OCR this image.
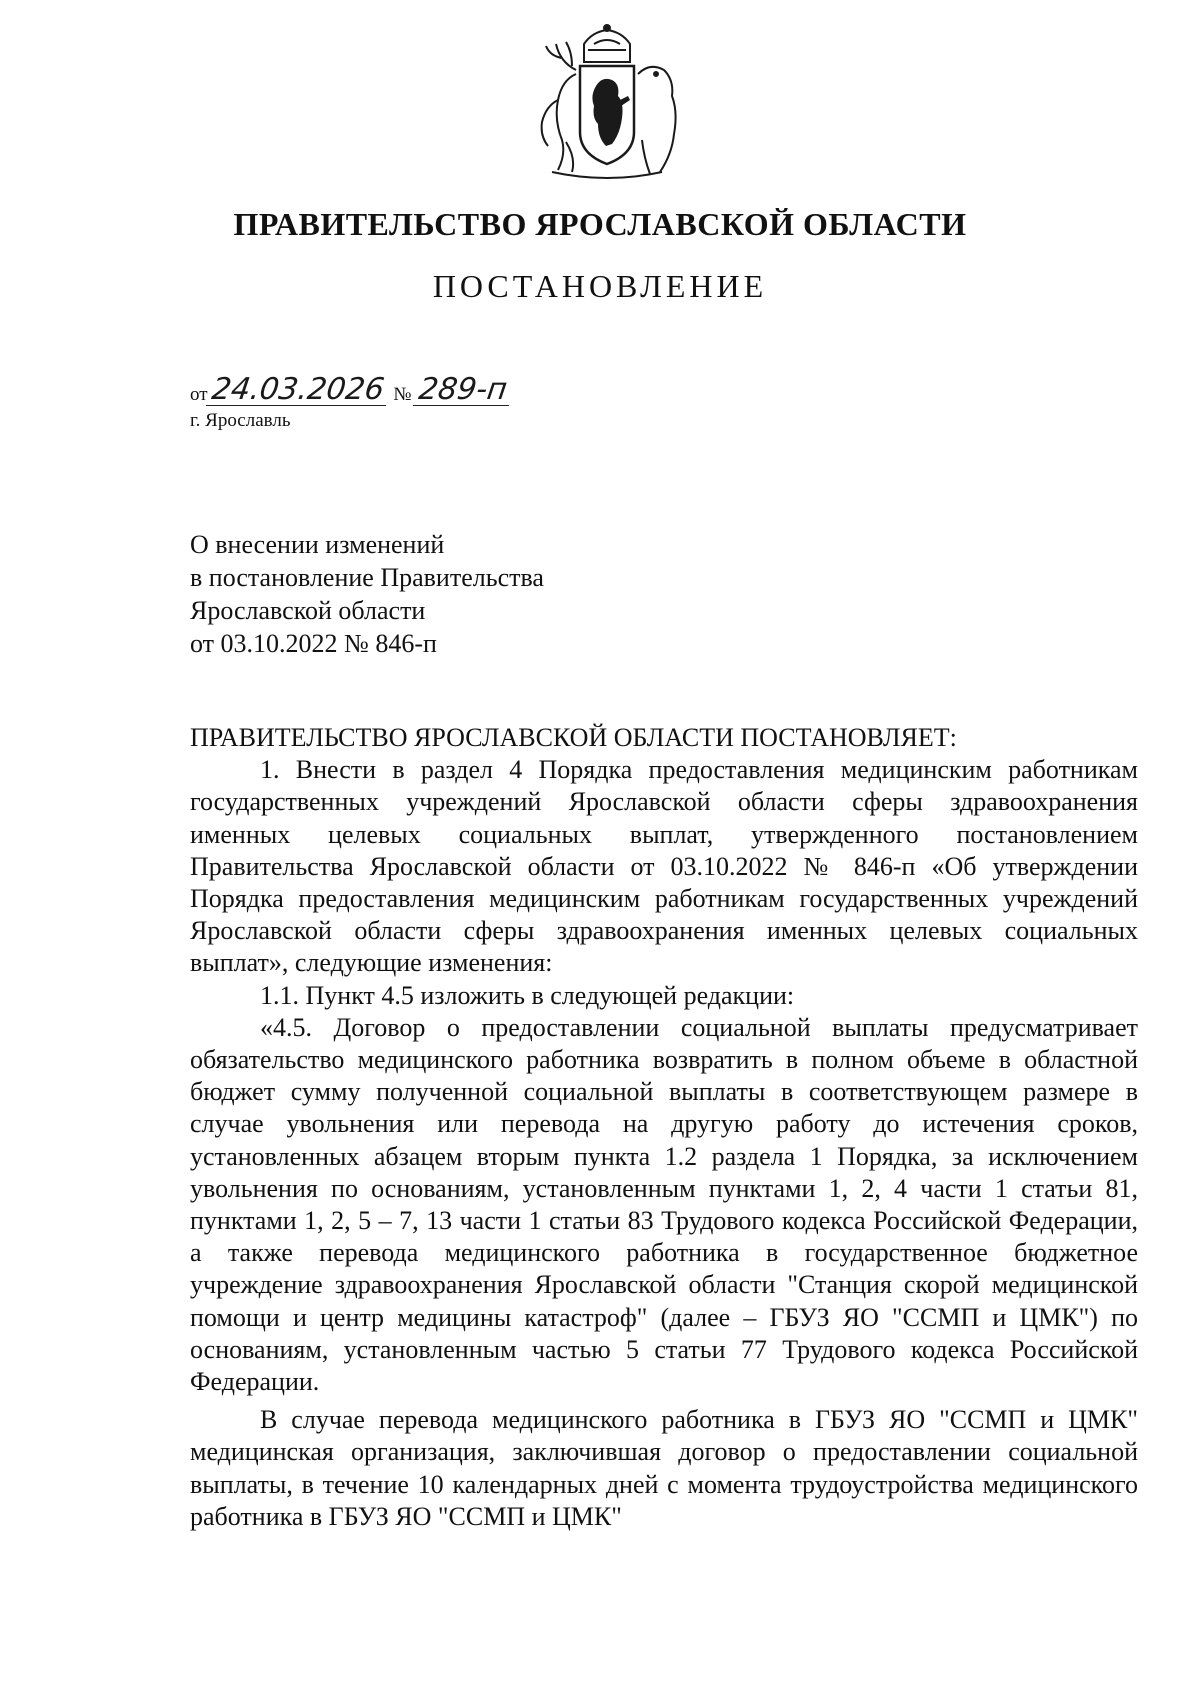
ПРАВИТЕЛЬСТВО ЯРОСЛАВСКОЙ ОБЛАСТИ
ПОСТАНОВЛЕНИЕ
от 24.03.2026 № 289-п
г. Ярославль
О внесении изменений
в постановление Правительства
Ярославской области
от 03.10.2022 № 846-п

ПРАВИТЕЛЬСТВО ЯРОСЛАВСКОЙ ОБЛАСТИ ПОСТАНОВЛЯЕТ:

1. Внести в раздел 4 Порядка предоставления медицинским работникам государственных учреждений Ярославской области сферы здравоохранения именных целевых социальных выплат, утвержденного постановлением Правительства Ярославской области от 03.10.2022 № 846-п «Об утверждении Порядка предоставления медицинским работникам государственных учреждений Ярославской области сферы здравоохранения именных целевых социальных выплат», следующие изменения:

1.1. Пункт 4.5 изложить в следующей редакции:

«4.5. Договор о предоставлении социальной выплаты предусматривает обязательство медицинского работника возвратить в полном объеме в областной бюджет сумму полученной социальной выплаты в соответствующем размере в случае увольнения или перевода на другую работу до истечения сроков, установленных абзацем вторым пункта 1.2 раздела 1 Порядка, за исключением увольнения по основаниям, установленным пунктами 1, 2, 4 части 1 статьи 81, пунктами 1, 2, 5 – 7, 13 части 1 статьи 83 Трудового кодекса Российской Федерации, а также перевода медицинского работника в государственное бюджетное учреждение здравоохранения Ярославской области "Станция скорой медицинской помощи и центр медицины катастроф" (далее – ГБУЗ ЯО "ССМП и ЦМК") по основаниям, установленным частью 5 статьи 77 Трудового кодекса Российской Федерации.

В случае перевода медицинского работника в ГБУЗ ЯО "ССМП и ЦМК" медицинская организация, заключившая договор о предоставлении социальной выплаты, в течение 10 календарных дней с момента трудоустройства медицинского работника в ГБУЗ ЯО "ССМП и ЦМК"
